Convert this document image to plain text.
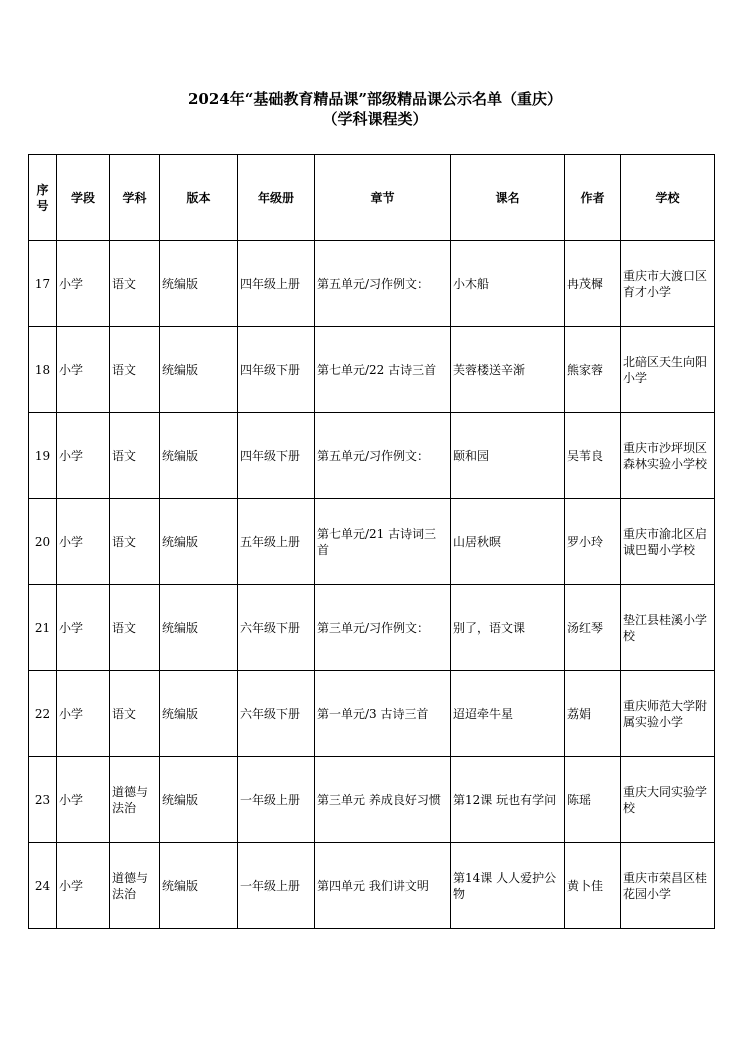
2024年“基础教育精品课”部级精品课公示名单（重庆）
（学科课程类）
序号	学段	学科	版本	年级册	章节	课名	作者	学校
17	小学	语文	统编版	四年级上册	第五单元/习作例文：	小木船	冉茂樨	重庆市大渡口区育才小学
18	小学	语文	统编版	四年级下册	第七单元/22 古诗三首	芙蓉楼送辛渐	熊家蓉	北碚区天生向阳小学
19	小学	语文	统编版	四年级下册	第五单元/习作例文：	颐和园	吴苇良	重庆市沙坪坝区森林实验小学校
20	小学	语文	统编版	五年级上册	第七单元/21 古诗词三首	山居秋暝	罗小玲	重庆市渝北区启诚巴蜀小学校
21	小学	语文	统编版	六年级下册	第三单元/习作例文：	别了，语文课	汤红琴	垫江县桂溪小学校
22	小学	语文	统编版	六年级下册	第一单元/3 古诗三首	迢迢牵牛星	荔娟	重庆师范大学附属实验小学
23	小学	道德与法治	统编版	一年级上册	第三单元 养成良好习惯	第12课 玩也有学问	陈瑶	重庆大同实验学校
24	小学	道德与法治	统编版	一年级上册	第四单元 我们讲文明	第14课 人人爱护公物	黄卜佳	重庆市荣昌区桂花园小学
